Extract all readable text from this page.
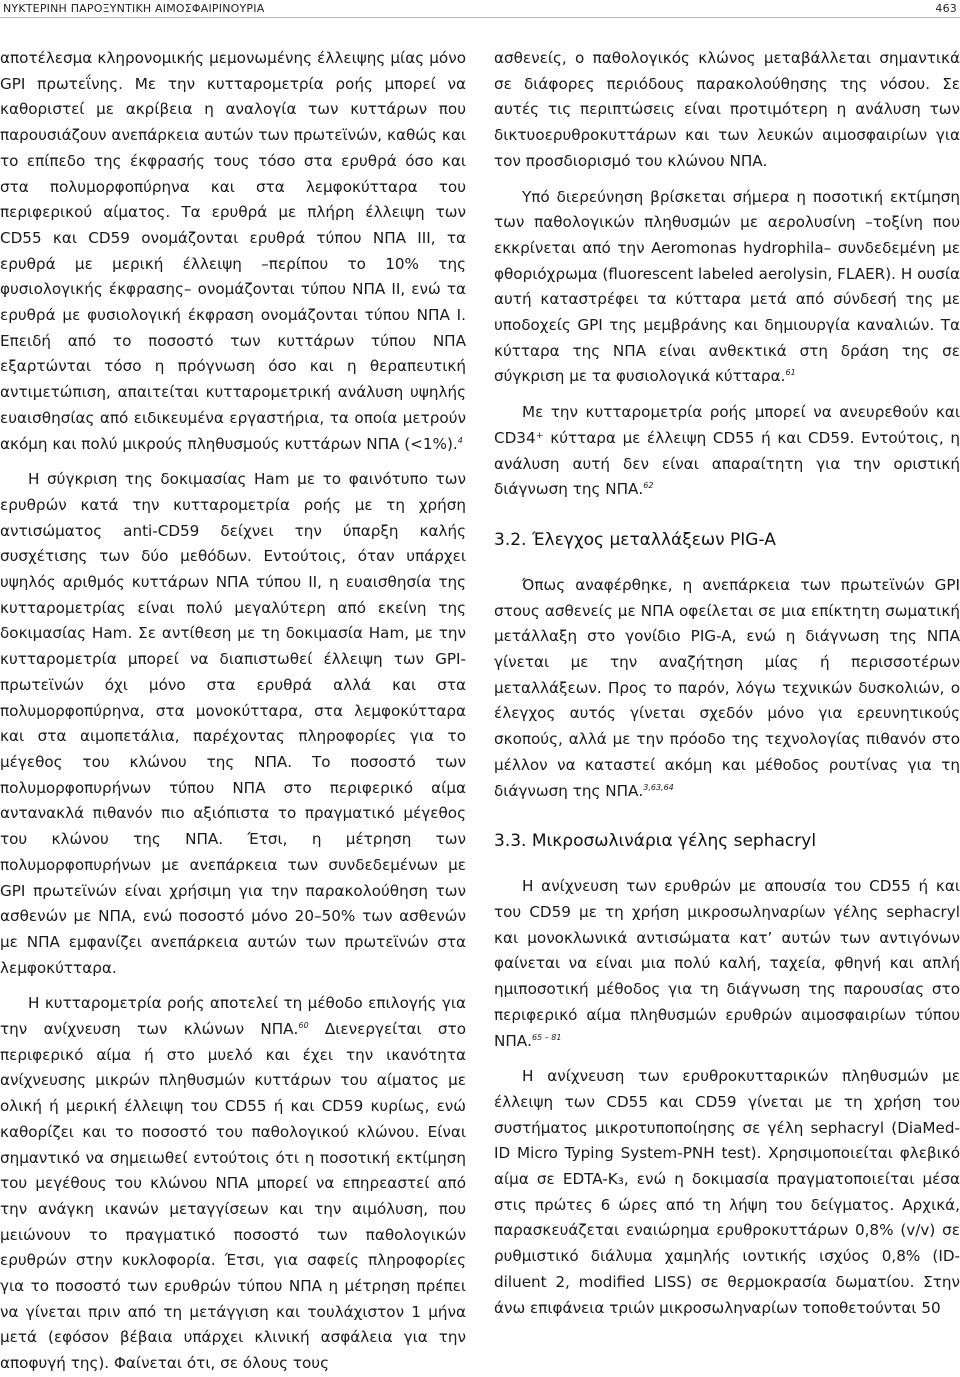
ΝΥΚΤΕΡΙΝΗ ΠΑΡΟΞΥΝΤΙΚΗ ΑΙΜΟΣΦΑΙΡΙΝΟΥΡΙΑ	463

αποτέλεσμα κληρονομικής μεμονωμένης έλλειψης μίας μόνο GPI πρωτεΐνης. Με την κυτταρομετρία ροής μπορεί να καθοριστεί με ακρίβεια η αναλογία των κυττάρων που παρουσιάζουν ανεπάρκεια αυτών των πρωτεϊνών, καθώς και το επίπεδο της έκφρασής τους τόσο στα ερυθρά όσο και στα πολυμορφοπύρηνα και στα λεμφοκύτταρα του περιφερικού αίματος. Τα ερυθρά με πλήρη έλλειψη των CD55 και CD59 ονομάζονται ερυθρά τύπου ΝΠΑ ΙΙΙ, τα ερυθρά με μερική έλλειψη –περίπου το 10% της φυσιολογικής έκφρασης– ονομάζονται τύπου ΝΠΑ ΙΙ, ενώ τα ερυθρά με φυσιολογική έκφραση ονομάζονται τύπου ΝΠΑ Ι. Επειδή από το ποσοστό των κυττάρων τύπου ΝΠΑ εξαρτώνται τόσο η πρόγνωση όσο και η θεραπευτική αντιμετώπιση, απαιτείται κυτταρομετρική ανάλυση υψηλής ευαισθησίας από ειδικευμένα εργαστήρια, τα οποία μετρούν ακόμη και πολύ μικρούς πληθυσμούς κυττάρων ΝΠΑ (<1%).$^4$

Η σύγκριση της δοκιμασίας Ham με το φαινότυπο των ερυθρών κατά την κυτταρομετρία ροής με τη χρήση αντισώματος anti-CD59 δείχνει την ύπαρξη καλής συσχέτισης των δύο μεθόδων. Εντούτοις, όταν υπάρχει υψηλός αριθμός κυττάρων ΝΠΑ τύπου ΙΙ, η ευαισθησία της κυτταρομετρίας είναι πολύ μεγαλύτερη από εκείνη της δοκιμασίας Ham. Σε αντίθεση με τη δοκιμασία Ham, με την κυτταρομετρία μπορεί να διαπιστωθεί έλλειψη των GPI-πρωτεϊνών όχι μόνο στα ερυθρά αλλά και στα πολυμορφοπύρηνα, στα μονοκύτταρα, στα λεμφοκύτταρα και στα αιμοπετάλια, παρέχοντας πληροφορίες για το μέγεθος του κλώνου της ΝΠΑ. Το ποσοστό των πολυμορφοπυρήνων τύπου ΝΠΑ στο περιφερικό αίμα αντανακλά πιθανόν πιο αξιόπιστα το πραγματικό μέγεθος του κλώνου της ΝΠΑ. Έτσι, η μέτρηση των πολυμορφοπυρήνων με ανεπάρκεια των συνδεδεμένων με GPI πρωτεϊνών είναι χρήσιμη για την παρακολούθηση των ασθενών με ΝΠΑ, ενώ ποσοστό μόνο 20–50% των ασθενών με ΝΠΑ εμφανίζει ανεπάρκεια αυτών των πρωτεϊνών στα λεμφοκύτταρα.

Η κυτταρομετρία ροής αποτελεί τη μέθοδο επιλογής για την ανίχνευση των κλώνων ΝΠΑ.$^{60}$ Διενεργείται στο περιφερικό αίμα ή στο μυελό και έχει την ικανότητα ανίχνευσης μικρών πληθυσμών κυττάρων του αίματος με ολική ή μερική έλλειψη του CD55 ή και CD59 κυρίως, ενώ καθορίζει και το ποσοστό του παθολογικού κλώνου. Είναι σημαντικό να σημειωθεί εντούτοις ότι η ποσοτική εκτίμηση του μεγέθους του κλώνου ΝΠΑ μπορεί να επηρεαστεί από την ανάγκη ικανών μεταγγίσεων και την αιμόλυση, που μειώνουν το πραγματικό ποσοστό των παθολογικών ερυθρών στην κυκλοφορία. Έτσι, για σαφείς πληροφορίες για το ποσοστό των ερυθρών τύπου ΝΠΑ η μέτρηση πρέπει να γίνεται πριν από τη μετάγγιση και τουλάχιστον 1 μήνα μετά (εφόσον βέβαια υπάρχει κλινική ασφάλεια για την αποφυγή της). Φαίνεται ότι, σε όλους τους

ασθενείς, ο παθολογικός κλώνος μεταβάλλεται σημαντικά σε διάφορες περιόδους παρακολούθησης της νόσου. Σε αυτές τις περιπτώσεις είναι προτιμότερη η ανάλυση των δικτυοερυθροκυττάρων και των λευκών αιμοσφαιρίων για τον προσδιορισμό του κλώνου ΝΠΑ.

Υπό διερεύνηση βρίσκεται σήμερα η ποσοτική εκτίμηση των παθολογικών πληθυσμών με αερολυσίνη –τοξίνη που εκκρίνεται από την Aeromonas hydrophila– συνδεδεμένη με φθοριόχρωμα (fluorescent labeled aerolysin, FLAER). Η ουσία αυτή καταστρέφει τα κύτταρα μετά από σύνδεσή της με υποδοχείς GPI της μεμβράνης και δημιουργία καναλιών. Τα κύτταρα της ΝΠΑ είναι ανθεκτικά στη δράση της σε σύγκριση με τα φυσιολογικά κύτταρα.$^{61}$

Με την κυτταρομετρία ροής μπορεί να ανευρεθούν και CD34⁺ κύτταρα με έλλειψη CD55 ή και CD59. Εντούτοις, η ανάλυση αυτή δεν είναι απαραίτητη για την οριστική διάγνωση της ΝΠΑ.$^{62}$

3.2. Έλεγχος μεταλλάξεων PIG-A

Όπως αναφέρθηκε, η ανεπάρκεια των πρωτεϊνών GPI στους ασθενείς με ΝΠΑ οφείλεται σε μια επίκτητη σωματική μετάλλαξη στο γονίδιο PIG-A, ενώ η διάγνωση της ΝΠΑ γίνεται με την αναζήτηση μίας ή περισσοτέρων μεταλλάξεων. Προς το παρόν, λόγω τεχνικών δυσκολιών, ο έλεγχος αυτός γίνεται σχεδόν μόνο για ερευνητικούς σκοπούς, αλλά με την πρόοδο της τεχνολογίας πιθανόν στο μέλλον να καταστεί ακόμη και μέθοδος ρουτίνας για τη διάγνωση της ΝΠΑ.$^{3,63,64}$

3.3. Μικροσωλινάρια γέλης sephacryl

Η ανίχνευση των ερυθρών με απουσία του CD55 ή και του CD59 με τη χρήση μικροσωληναρίων γέλης sephacryl και μονοκλωνικά αντισώματα κατ’ αυτών των αντιγόνων φαίνεται να είναι μια πολύ καλή, ταχεία, φθηνή και απλή ημιποσοτική μέθοδος για τη διάγνωση της παρουσίας στο περιφερικό αίμα πληθυσμών ερυθρών αιμοσφαιρίων τύπου ΝΠΑ.$^{65 - 81}$

Η ανίχνευση των ερυθροκυτταρικών πληθυσμών με έλλειψη των CD55 και CD59 γίνεται με τη χρήση του συστήματος μικροτυποποίησης σε γέλη sephacryl (DiaMed-ID Micro Typing System-PNH test). Χρησιμοποιείται φλεβικό αίμα σε EDTA-K₃, ενώ η δοκιμασία πραγματοποιείται μέσα στις πρώτες 6 ώρες από τη λήψη του δείγματος. Αρχικά, παρασκευάζεται εναιώρημα ερυθροκυττάρων 0,8% (v/v) σε ρυθμιστικό διάλυμα χαμηλής ιοντικής ισχύος 0,8% (ID-diluent 2, modified LISS) σε θερμοκρασία δωματίου. Στην άνω επιφάνεια τριών μικροσωληναρίων τοποθετούνται 50
